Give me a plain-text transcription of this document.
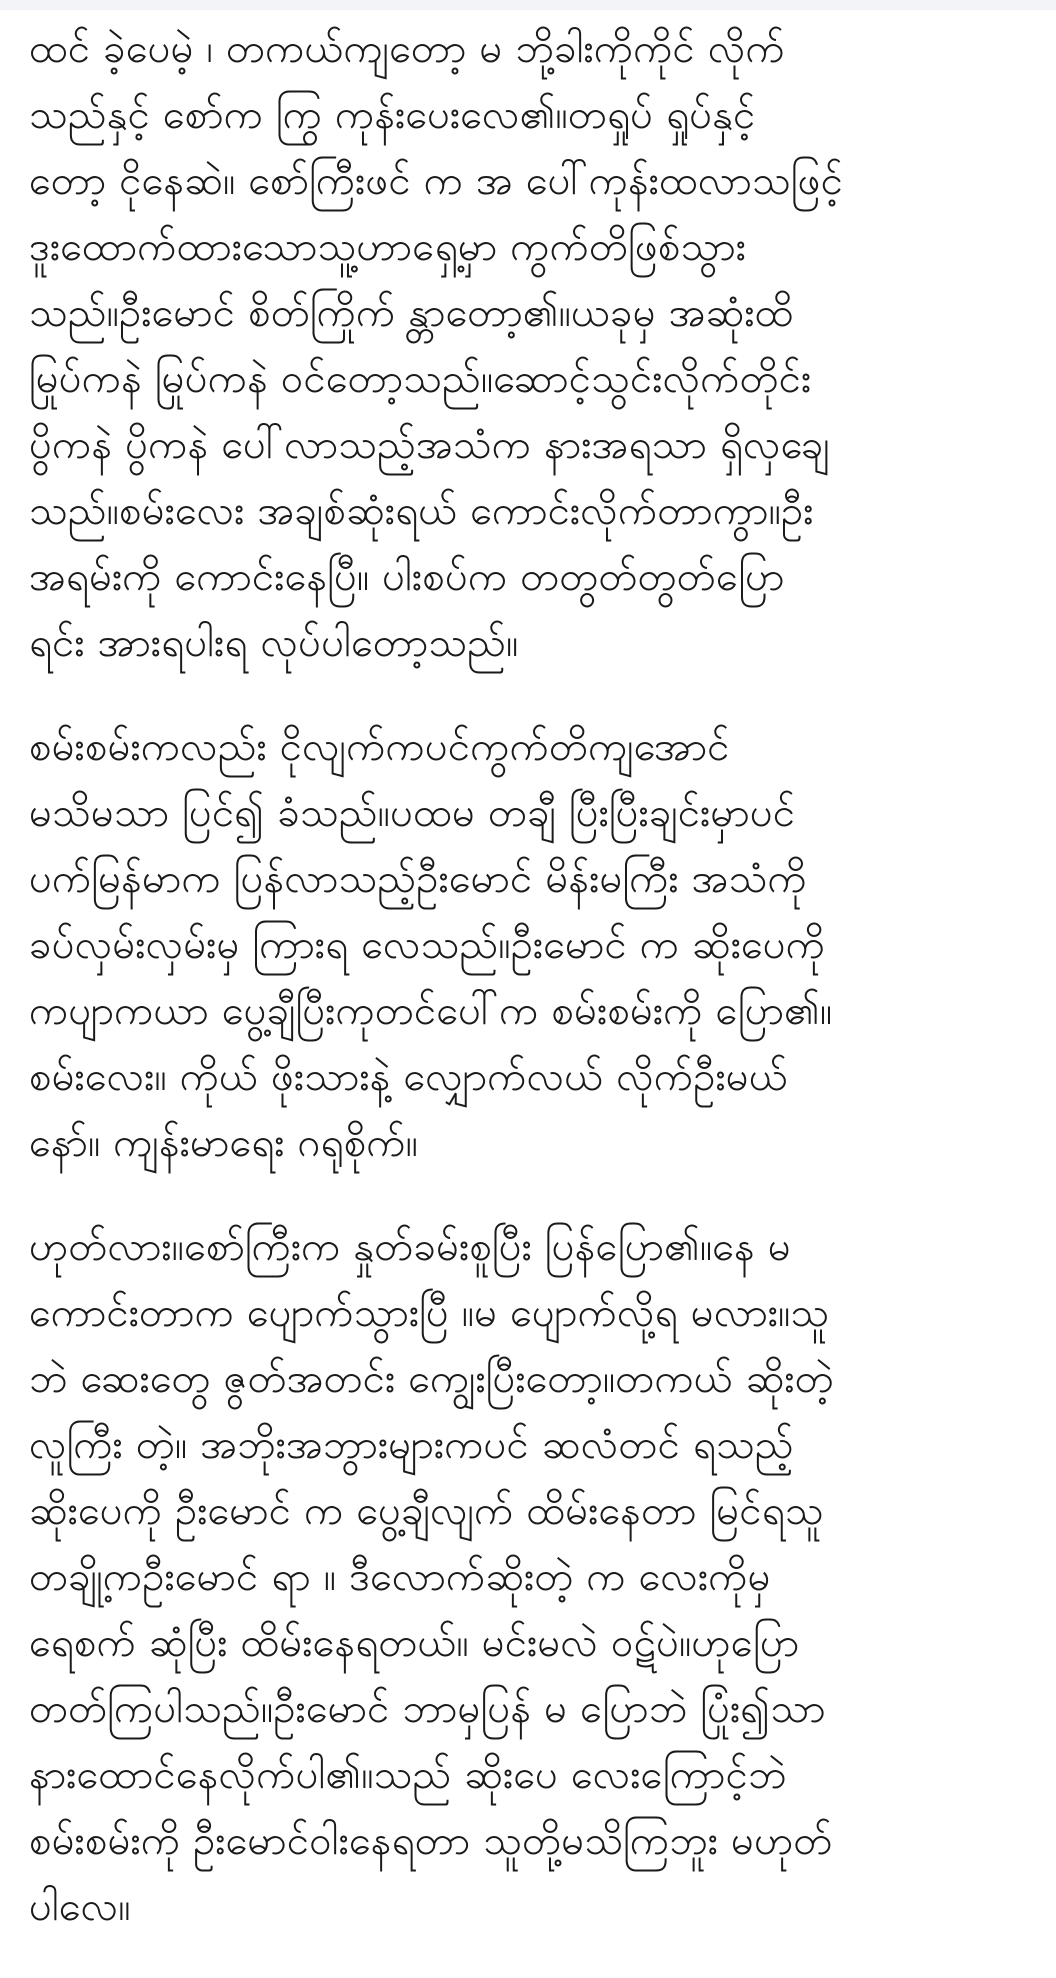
ထင် ခဲ့ပေမဲ့ ၊ တကယ်ကျတော့ မ ဘို့ခါးကိုကိုင် လိုက်
သည်နှင့် စော်က ကြွ ကုန်းပေးလေ၏။တရှုပ် ရှုပ်နှင့်
တော့ ငိုနေဆဲ။ စော်ကြီးဖင် က အ ပေါ်ကုန်းထလာသဖြင့်
ဒူးထောက်ထားသောသူ့ဟာရှေ့မှာ ကွက်တိဖြစ်သွား
သည်။ဦးမောင် စိတ်ကြိုက် န္တာတော့၏။ယခုမှ အဆုံးထိ
မြုပ်ကနဲ မြုပ်ကနဲ ဝင်တော့သည်။ဆောင့်သွင်းလိုက်တိုင်း
ပွိကနဲ ပွိကနဲ ပေါ်လာသည့်အသံက နားအရသာ ရှိလှချေ
သည်။စမ်းလေး အချစ်ဆုံးရယ် ကောင်းလိုက်တာကွာ။ဦး
အရမ်းကို ကောင်းနေပြီ။ ပါးစပ်က တတွတ်တွတ်ပြော
ရင်း အားရပါးရ လုပ်ပါတော့သည်။
စမ်းစမ်းကလည်း ငိုလျက်ကပင်ကွက်တိကျအောင်
မသိမသာ ပြင်၍ ခံသည်။ပထမ တချီ ပြီးပြီးချင်းမှာပင်
ပက်မြန်မာက ပြန်လာသည့်ဦးမောင် မိန်းမကြီး အသံကို
ခပ်လှမ်းလှမ်းမှ ကြားရ လေသည်။ဦးမောင် က ဆိုးပေကို
ကပျာကယာ ပွေ့ချီပြီးကုတင်ပေါ်က စမ်းစမ်းကို ပြော၏။
စမ်းလေး။ ကိုယ် ဖိုးသားနဲ့ လျှောက်လယ် လိုက်ဦးမယ်
နော်။ ကျန်းမာရေး ဂရုစိုက်။
ဟုတ်လား။စော်ကြီးက နှုတ်ခမ်းစူပြီး ပြန်ပြော၏။နေ မ
ကောင်းတာက ပျောက်သွားပြီ ။မ ပျောက်လို့ရ မလား။သူ
ဘဲ ဆေးတွေ ဇွတ်အတင်း ကျွေးပြီးတော့။တကယ် ဆိုးတဲ့
လူကြီး တဲ့။ အဘိုးအဘွားများကပင် ဆလံတင် ရသည့်
ဆိုးပေကို ဦးမောင် က ပွေ့ချီလျက် ထိမ်းနေတာ မြင်ရသူ
တချို့ကဦးမောင် ရာ ။ ဒီလောက်ဆိုးတဲ့ က လေးကိုမှ
ရေစက် ဆုံပြီး ထိမ်းနေရတယ်။ မင်းမလဲ ဝဋ်ပဲ။ဟုပြော
တတ်ကြပါသည်။ဦးမောင် ဘာမှပြန် မ ပြောဘဲ ပြုံး၍သာ
နားထောင်နေလိုက်ပါ၏။သည် ဆိုးပေ လေးကြောင့်ဘဲ
စမ်းစမ်းကို ဦးမောင်ဝါးနေရတာ သူတို့မသိကြဘူး မဟုတ်
ပါလေ။
